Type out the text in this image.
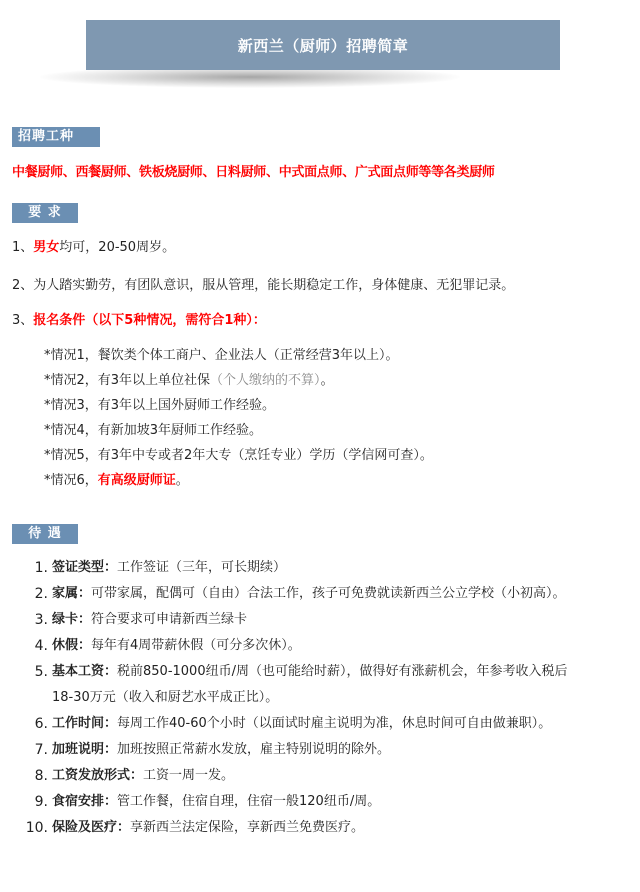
新西兰（厨师）招聘简章
招聘工种
中餐厨师、西餐厨师、铁板烧厨师、日料厨师、中式面点师、广式面点师等等各类厨师
要 求
1、男女均可，20-50周岁。
2、为人踏实勤劳，有团队意识，服从管理，能长期稳定工作，身体健康、无犯罪记录。
3、报名条件（以下5种情况，需符合1种）：
*情况1，餐饮类个体工商户、企业法人（正常经营3年以上）。
*情况2，有3年以上单位社保（个人缴纳的不算）。
*情况3，有3年以上国外厨师工作经验。
*情况4，有新加坡3年厨师工作经验。
*情况5，有3年中专或者2年大专（烹饪专业）学历（学信网可查）。
*情况6，有高级厨师证。
待 遇
1. 签证类型：工作签证（三年，可长期续）
2. 家属：可带家属，配偶可（自由）合法工作，孩子可免费就读新西兰公立学校（小初高）。
3. 绿卡：符合要求可申请新西兰绿卡
4. 休假：每年有4周带薪休假（可分多次休）。
5. 基本工资：税前850-1000纽币/周（也可能给时薪），做得好有涨薪机会，年参考收入税后18-30万元（收入和厨艺水平成正比）。
6. 工作时间：每周工作40-60个小时（以面试时雇主说明为准，休息时间可自由做兼职）。
7. 加班说明：加班按照正常薪水发放，雇主特别说明的除外。
8. 工资发放形式：工资一周一发。
9. 食宿安排：管工作餐，住宿自理，住宿一般120纽币/周。
10. 保险及医疗：享新西兰法定保险，享新西兰免费医疗。
